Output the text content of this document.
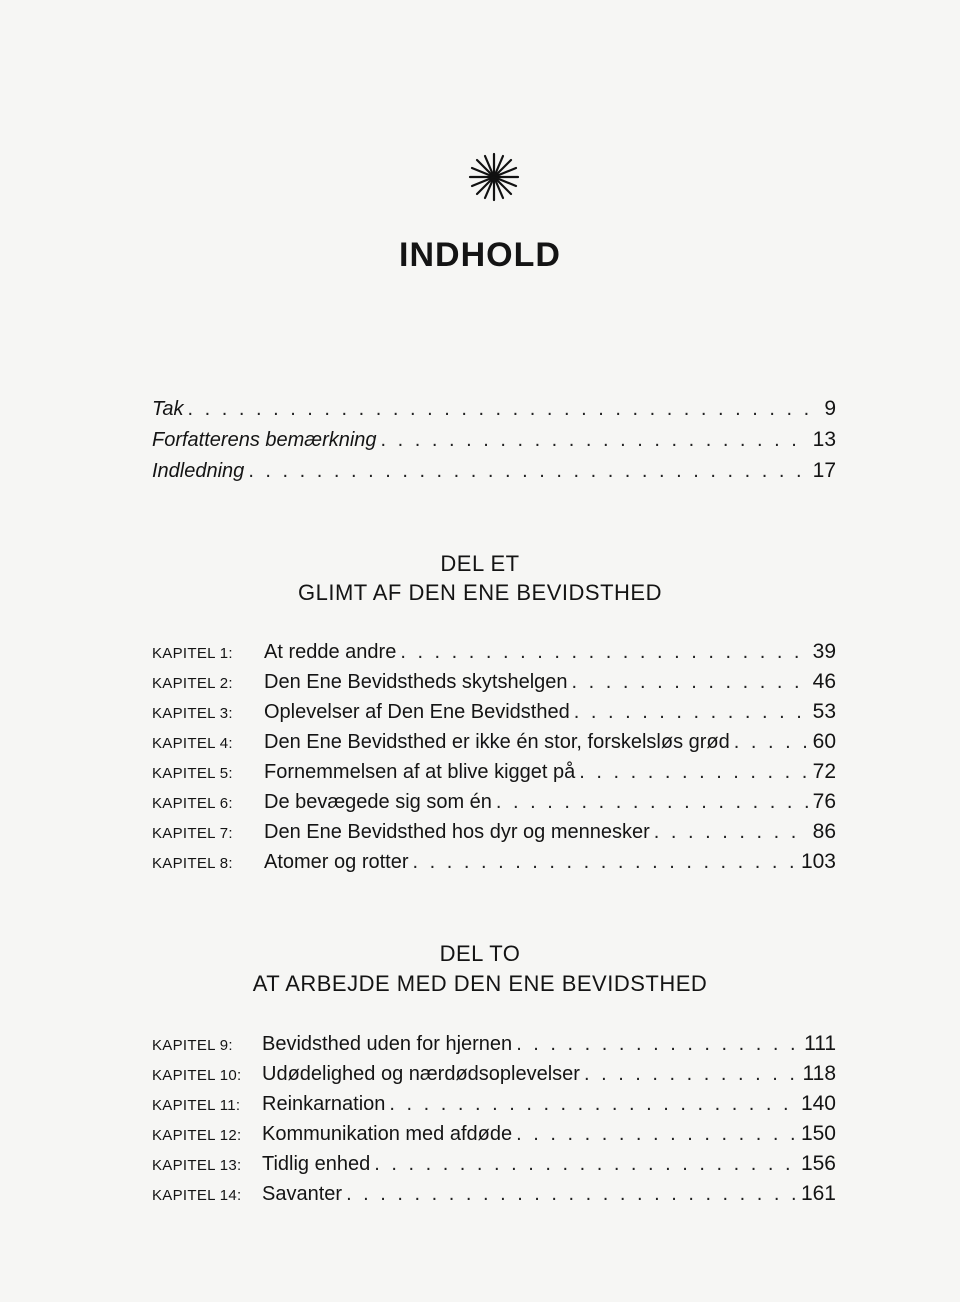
INDHOLD
Tak . . .	9
Forfatterens bemærkning . . .	13
Indledning . . .	17
DEL ET
GLIMT AF DEN ENE BEVIDSTHED
KAPITEL 1:	At redde andre . . .	39
KAPITEL 2:	Den Ene Bevidstheds skytshelgen . . .	46
KAPITEL 3:	Oplevelser af Den Ene Bevidsthed . . .	53
KAPITEL 4:	Den Ene Bevidsthed er ikke én stor, forskelsløs grød . . .	60
KAPITEL 5:	Fornemmelsen af at blive kigget på . . .	72
KAPITEL 6:	De bevægede sig som én . . .	76
KAPITEL 7:	Den Ene Bevidsthed hos dyr og mennesker . . .	86
KAPITEL 8:	Atomer og rotter . . .	103
DEL TO
AT ARBEJDE MED DEN ENE BEVIDSTHED
KAPITEL 9:	Bevidsthed uden for hjernen . . .	111
KAPITEL 10:	Udødelighed og nærdødsoplevelser . . .	118
KAPITEL 11:	Reinkarnation . . .	140
KAPITEL 12:	Kommunikation med afdøde . . .	150
KAPITEL 13:	Tidlig enhed . . .	156
KAPITEL 14:	Savanter . . .	161
